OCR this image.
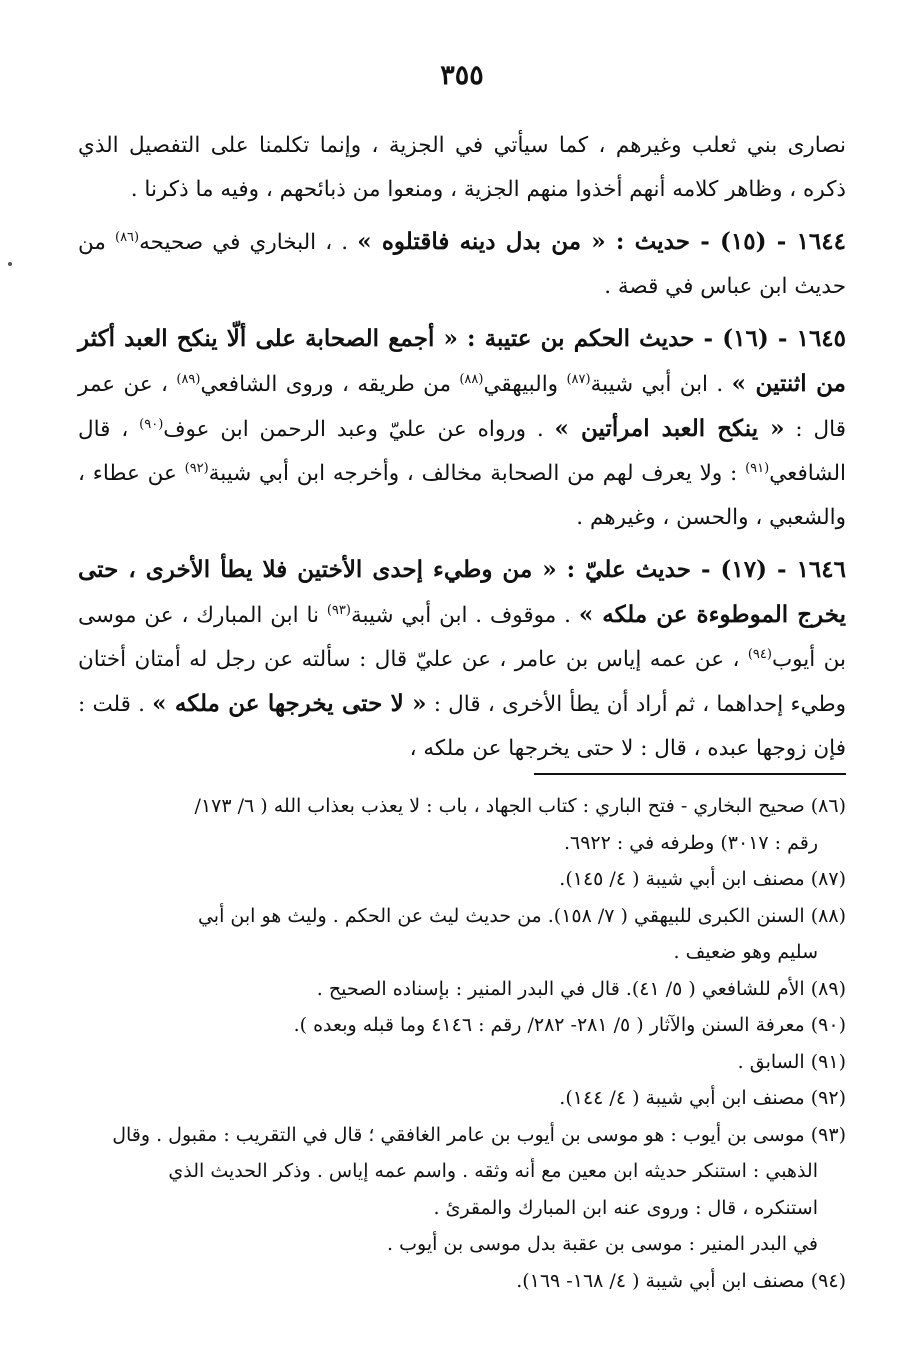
٣٥٥

نصارى بني ثعلب وغيرهم ، كما سيأتي في الجزية ، وإنما تكلمنا على التفصيل الذي ذكره ، وظاهر كلامه أنهم أخذوا منهم الجزية ، ومنعوا من ذبائحهم ، وفيه ما ذكرنا .

١٦٤٤ - (١٥) - حديث : « من بدل دينه فاقتلوه » . ، البخاري في صحيحه$^{(٨٦)}$ من حديث ابن عباس في قصة .

١٦٤٥ - (١٦) - حديث الحكم بن عتيبة : « أجمع الصحابة على ألّا ينكح العبد أكثر من اثنتين » . ابن أبي شيبة$^{(٨٧)}$ والبيهقي$^{(٨٨)}$ من طريقه ، وروى الشافعي$^{(٨٩)}$ ، عن عمر قال : « ينكح العبد امرأتين » . ورواه عن عليّ وعبد الرحمن ابن عوف$^{(٩٠)}$ ، قال الشافعي$^{(٩١)}$ : ولا يعرف لهم من الصحابة مخالف ، وأخرجه ابن أبي شيبة$^{(٩٢)}$ عن عطاء ، والشعبي ، والحسن ، وغيرهم .

١٦٤٦ - (١٧) - حديث عليّ : « من وطيء إحدى الأختين فلا يطأ الأخرى ، حتى يخرج الموطوءة عن ملكه » . موقوف . ابن أبي شيبة$^{(٩٣)}$ نا ابن المبارك ، عن موسى بن أيوب$^{(٩٤)}$ ، عن عمه إياس بن عامر ، عن عليّ قال : سألته عن رجل له أمتان أختان وطيء إحداهما ، ثم أراد أن يطأ الأخرى ، قال : « لا حتى يخرجها عن ملكه » . قلت : فإن زوجها عبده ، قال : لا حتى يخرجها عن ملكه ،

(٨٦) صحيح البخاري - فتح الباري : كتاب الجهاد ، باب : لا يعذب بعذاب الله ( ٦/ ١٧٣/
رقم : ٣٠١٧) وطرفه في : ٦٩٢٢.

(٨٧) مصنف ابن أبي شيبة ( ٤/ ١٤٥).

(٨٨) السنن الكبرى للبيهقي ( ٧/ ١٥٨). من حديث ليث عن الحكم . وليث هو ابن أبي
سليم وهو ضعيف .

(٨٩) الأم للشافعي ( ٥/ ٤١). قال في البدر المنير : بإسناده الصحيح .

(٩٠) معرفة السنن والآثار ( ٥/ ٢٨١- ٢٨٢/ رقم : ٤١٤٦ وما قبله وبعده ).

(٩١) السابق .

(٩٢) مصنف ابن أبي شيبة ( ٤/ ١٤٤).

(٩٣) موسى بن أيوب : هو موسى بن أيوب بن عامر الغافقي ؛ قال في التقريب : مقبول . وقال
الذهبي : استنكر حديثه ابن معين مع أنه وثقه . واسم عمه إياس . وذكر الحديث الذي
استنكره ، قال : وروى عنه ابن المبارك والمقرئ .
في البدر المنير : موسى بن عقبة بدل موسى بن أيوب .

(٩٤) مصنف ابن أبي شيبة ( ٤/ ١٦٨- ١٦٩).
